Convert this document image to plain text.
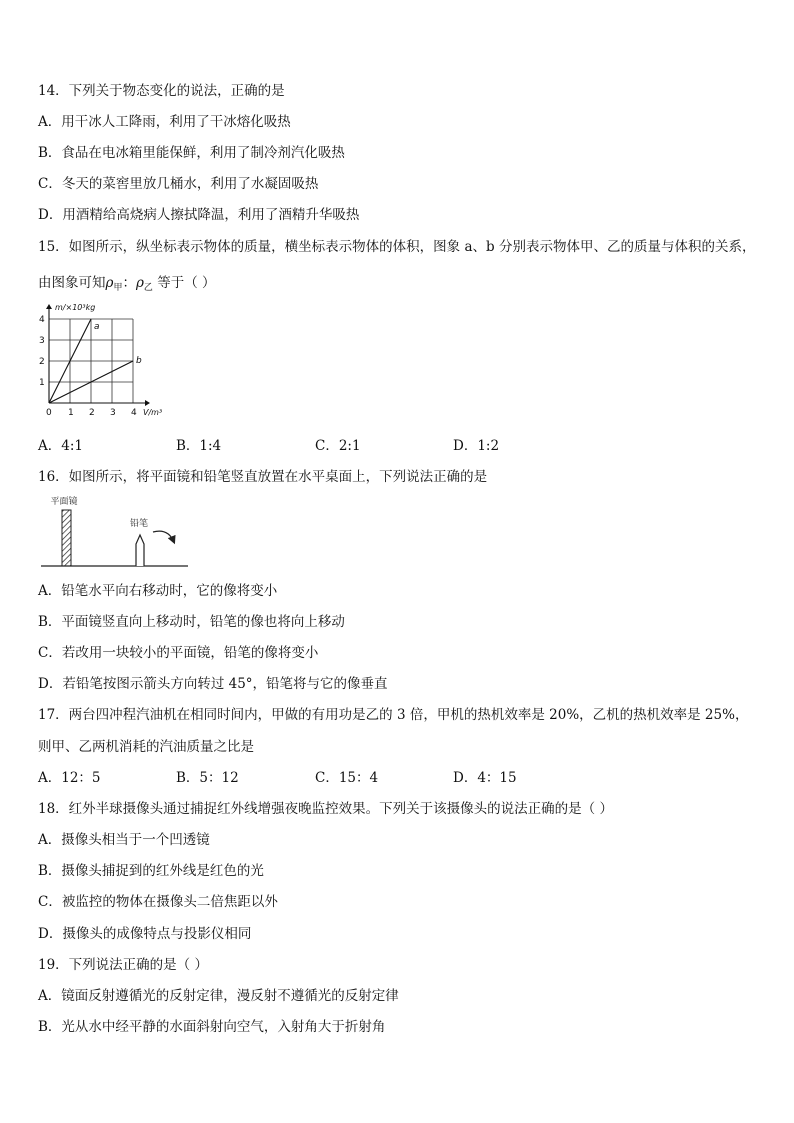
14．下列关于物态变化的说法，正确的是
A．用干冰人工降雨，利用了干冰熔化吸热
B．食品在电冰箱里能保鲜，利用了制冷剂汽化吸热
C．冬天的菜窖里放几桶水，利用了水凝固吸热
D．用酒精给高烧病人擦拭降温，利用了酒精升华吸热
15．如图所示，纵坐标表示物体的质量，横坐标表示物体的体积，图象 a、b 分别表示物体甲、乙的质量与体积的关系，
由图象可知$\rho_甲$：$\rho_乙$ 等于（ ）
a
b
0 1 2 3 4
1
2
3
4
m/×10³kg
V/m³
A．4:1	B．1:4	C．2:1	D．1:2
16．如图所示，将平面镜和铅笔竖直放置在水平桌面上，下列说法正确的是
平面镜
铅笔
A．铅笔水平向右移动时，它的像将变小
B．平面镜竖直向上移动时，铅笔的像也将向上移动
C．若改用一块较小的平面镜，铅笔的像将变小
D．若铅笔按图示箭头方向转过 45°，铅笔将与它的像垂直
17．两台四冲程汽油机在相同时间内，甲做的有用功是乙的 3 倍，甲机的热机效率是 20%，乙机的热机效率是 25%，
则甲、乙两机消耗的汽油质量之比是
A．12：5	B．5：12	C．15：4	D．4：15
18．红外半球摄像头通过捕捉红外线增强夜晚监控效果。下列关于该摄像头的说法正确的是（ ）
A．摄像头相当于一个凹透镜
B．摄像头捕捉到的红外线是红色的光
C．被监控的物体在摄像头二倍焦距以外
D．摄像头的成像特点与投影仪相同
19．下列说法正确的是（ ）
A．镜面反射遵循光的反射定律，漫反射不遵循光的反射定律
B．光从水中经平静的水面斜射向空气，入射角大于折射角
